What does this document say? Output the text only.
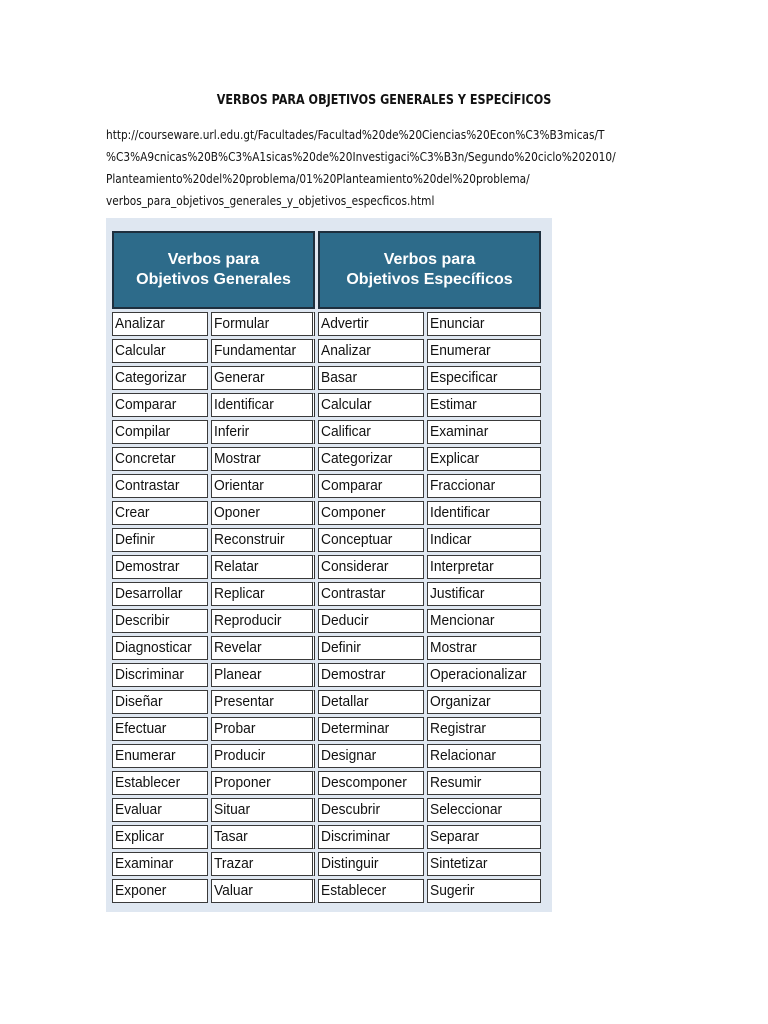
VERBOS PARA OBJETIVOS GENERALES Y ESPECÍFICOS
http://courseware.url.edu.gt/Facultades/Facultad%20de%20Ciencias%20Econ%C3%B3micas/T
%C3%A9cnicas%20B%C3%A1sicas%20de%20Investigaci%C3%B3n/Segundo%20ciclo%202010/
Planteamiento%20del%20problema/01%20Planteamiento%20del%20problema/
verbos_para_objetivos_generales_y_objetivos_especficos.html
Verbos para
Objetivos Generales		Verbos para
Objetivos Específicos	

Analizar	Formular	Advertir	Enunciar

Calcular	Fundamentar	Analizar	Enumerar

Categorizar	Generar	Basar	Especificar

Comparar	Identificar	Calcular	Estimar

Compilar	Inferir	Calificar	Examinar

Concretar	Mostrar	Categorizar	Explicar

Contrastar	Orientar	Comparar	Fraccionar

Crear	Oponer	Componer	Identificar

Definir	Reconstruir	Conceptuar	Indicar

Demostrar	Relatar	Considerar	Interpretar

Desarrollar	Replicar	Contrastar	Justificar

Describir	Reproducir	Deducir	Mencionar

Diagnosticar	Revelar	Definir	Mostrar

Discriminar	Planear	Demostrar	Operacionalizar

Diseñar	Presentar	Detallar	Organizar

Efectuar	Probar	Determinar	Registrar

Enumerar	Producir	Designar	Relacionar

Establecer	Proponer	Descomponer	Resumir

Evaluar	Situar	Descubrir	Seleccionar

Explicar	Tasar	Discriminar	Separar

Examinar	Trazar	Distinguir	Sintetizar

Exponer	Valuar	Establecer	Sugerir
